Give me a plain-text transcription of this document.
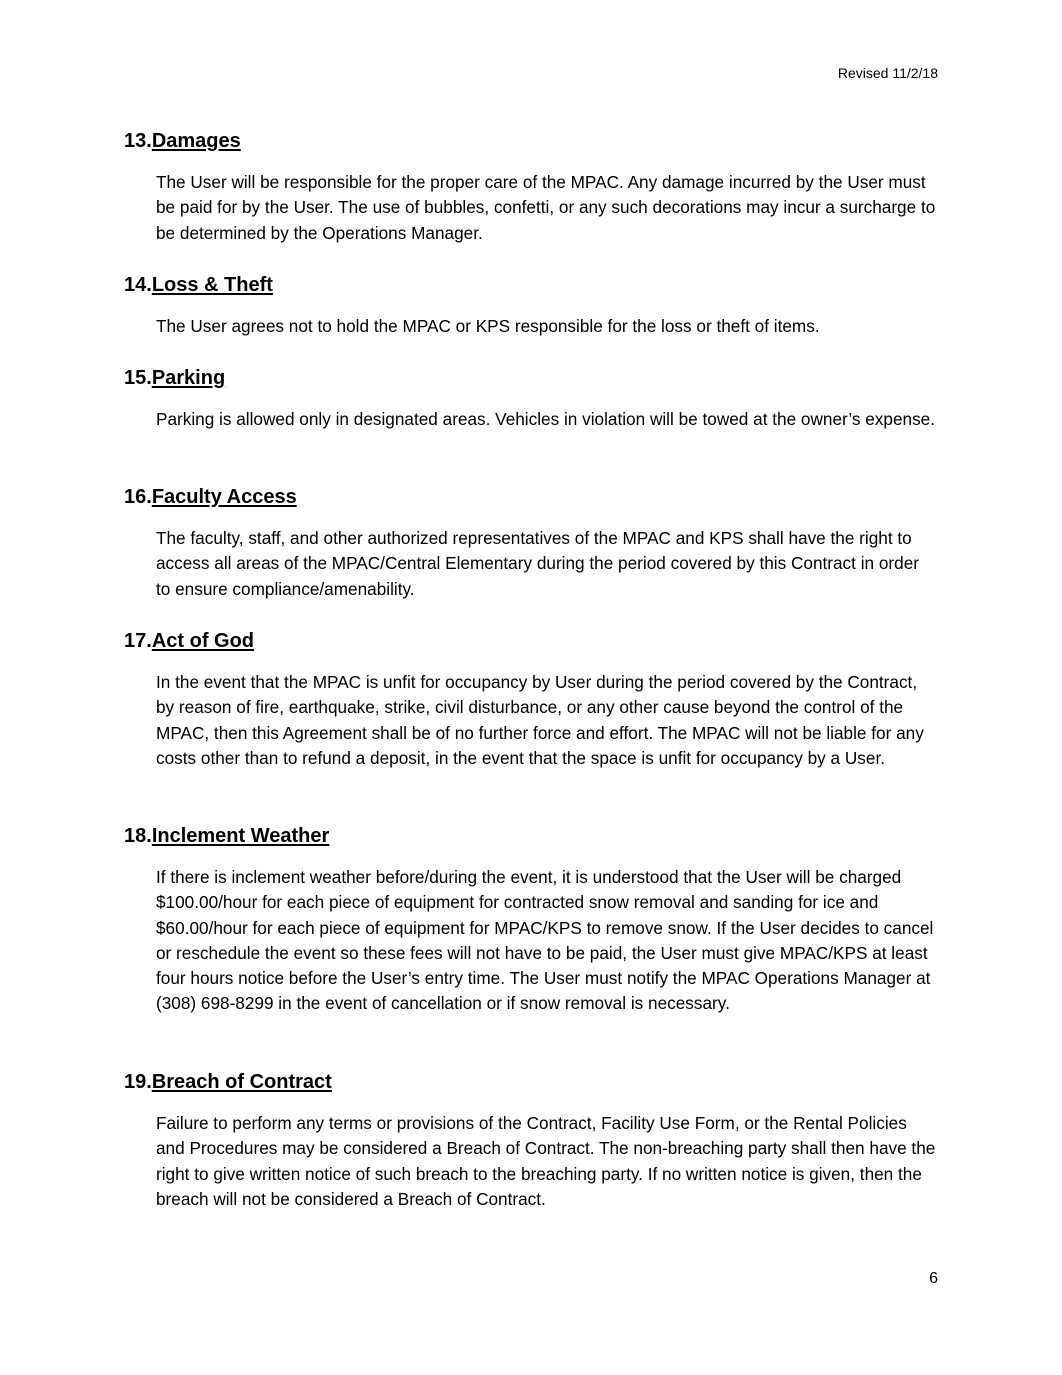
Revised 11/2/18
13.Damages

The User will be responsible for the proper care of the MPAC. Any damage incurred by the User must be paid for by the User. The use of bubbles, confetti, or any such decorations may incur a surcharge to be determined by the Operations Manager.

14.Loss & Theft

The User agrees not to hold the MPAC or KPS responsible for the loss or theft of items.

15.Parking

Parking is allowed only in designated areas. Vehicles in violation will be towed at the owner’s expense.

16.Faculty Access

The faculty, staff, and other authorized representatives of the MPAC and KPS shall have the right to access all areas of the MPAC/Central Elementary during the period covered by this Contract in order to ensure compliance/amenability.

17.Act of God

In the event that the MPAC is unfit for occupancy by User during the period covered by the Contract, by reason of fire, earthquake, strike, civil disturbance, or any other cause beyond the control of the MPAC, then this Agreement shall be of no further force and effort. The MPAC will not be liable for any costs other than to refund a deposit, in the event that the space is unfit for occupancy by a User.

18.Inclement Weather

If there is inclement weather before/during the event, it is understood that the User will be charged $100.00/hour for each piece of equipment for contracted snow removal and sanding for ice and $60.00/hour for each piece of equipment for MPAC/KPS to remove snow. If the User decides to cancel or reschedule the event so these fees will not have to be paid, the User must give MPAC/KPS at least four hours notice before the User’s entry time. The User must notify the MPAC Operations Manager at (308) 698-8299 in the event of cancellation or if snow removal is necessary.

19.Breach of Contract

Failure to perform any terms or provisions of the Contract, Facility Use Form, or the Rental Policies and Procedures may be considered a Breach of Contract. The non-breaching party shall then have the right to give written notice of such breach to the breaching party. If no written notice is given, then the breach will not be considered a Breach of Contract.

6
